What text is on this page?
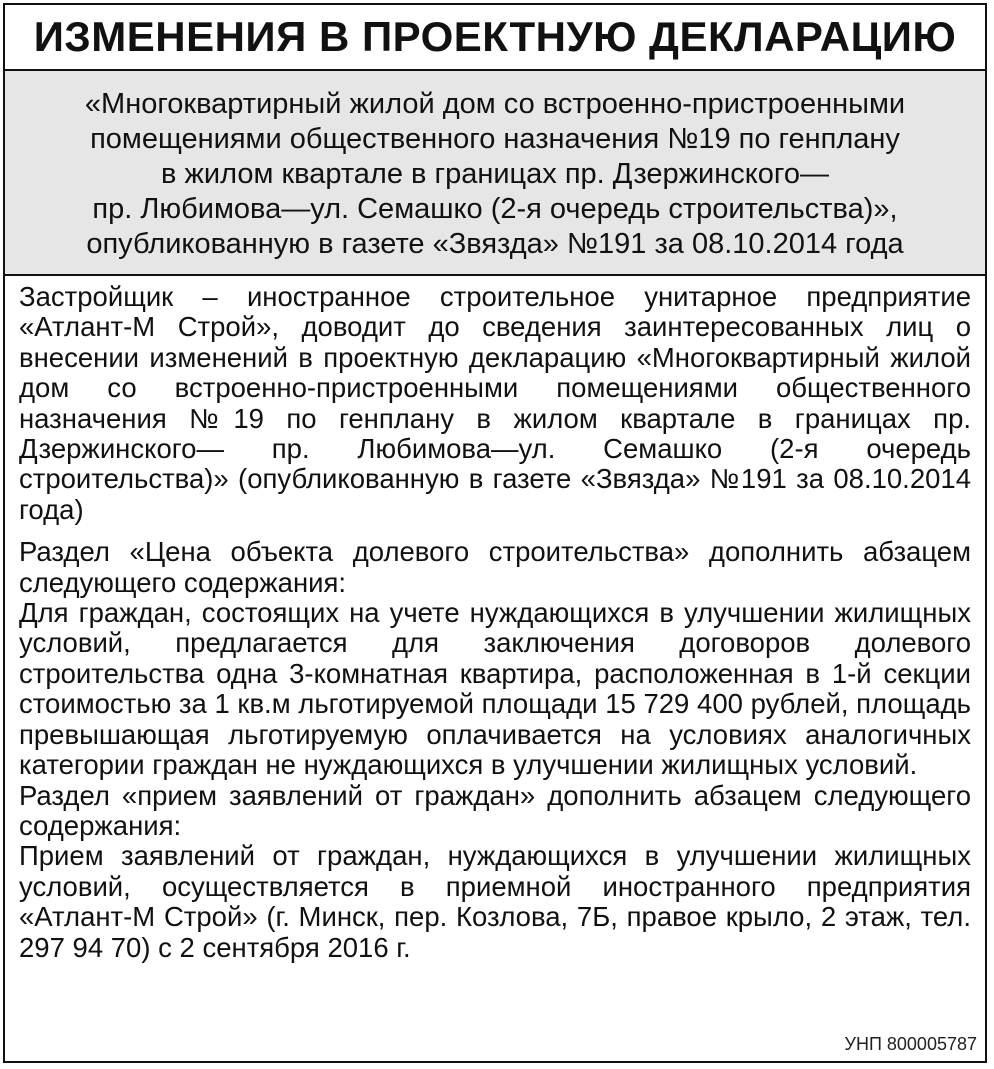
ИЗМЕНЕНИЯ В ПРОЕКТНУЮ ДЕКЛАРАЦИЮ
«Многоквартирный жилой дом со встроенно-пристроенными
помещениями общественного назначения №19 по генплану
в жилом квартале в границах пр. Дзержинского—
пр. Любимова—ул. Семашко (2-я очередь строительства)»,
опубликованную в газете «Звязда» №191 за 08.10.2014 года

Застройщик – иностранное строительное унитарное предприятие «Атлант-М Строй», доводит до сведения заинтересованных лиц о внесении изменений в проектную декларацию «Многоквартирный жилой дом со встроенно-пристроенными помещениями общественного назначения №19 по генплану в жилом квартале в границах пр. Дзержинского— пр. Любимова—ул. Семашко (2-я очередь строительства)» (опубликованную в газете «Звязда» №191 за 08.10.2014 года)

Раздел «Цена объекта долевого строительства» дополнить абзацем следующего содержания:

Для граждан, состоящих на учете нуждающихся в улучшении жилищных условий, предлагается для заключения договоров долевого строительства одна 3-комнатная квартира, расположенная в 1-й секции стоимостью за 1 кв.м льготируемой площади 15 729 400 рублей, площадь превышающая льготируемую оплачивается на условиях аналогичных категории граждан не нуждающихся в улучшении жилищных условий.

Раздел «прием заявлений от граждан» дополнить абзацем следующего содержания:

Прием заявлений от граждан, нуждающихся в улучшении жилищных условий, осуществляется в приемной иностранного предприятия «Атлант-М Строй» (г. Минск, пер. Козлова, 7Б, правое крыло, 2 этаж, тел. 297 94 70) с 2 сентября 2016 г.

УНП 800005787
